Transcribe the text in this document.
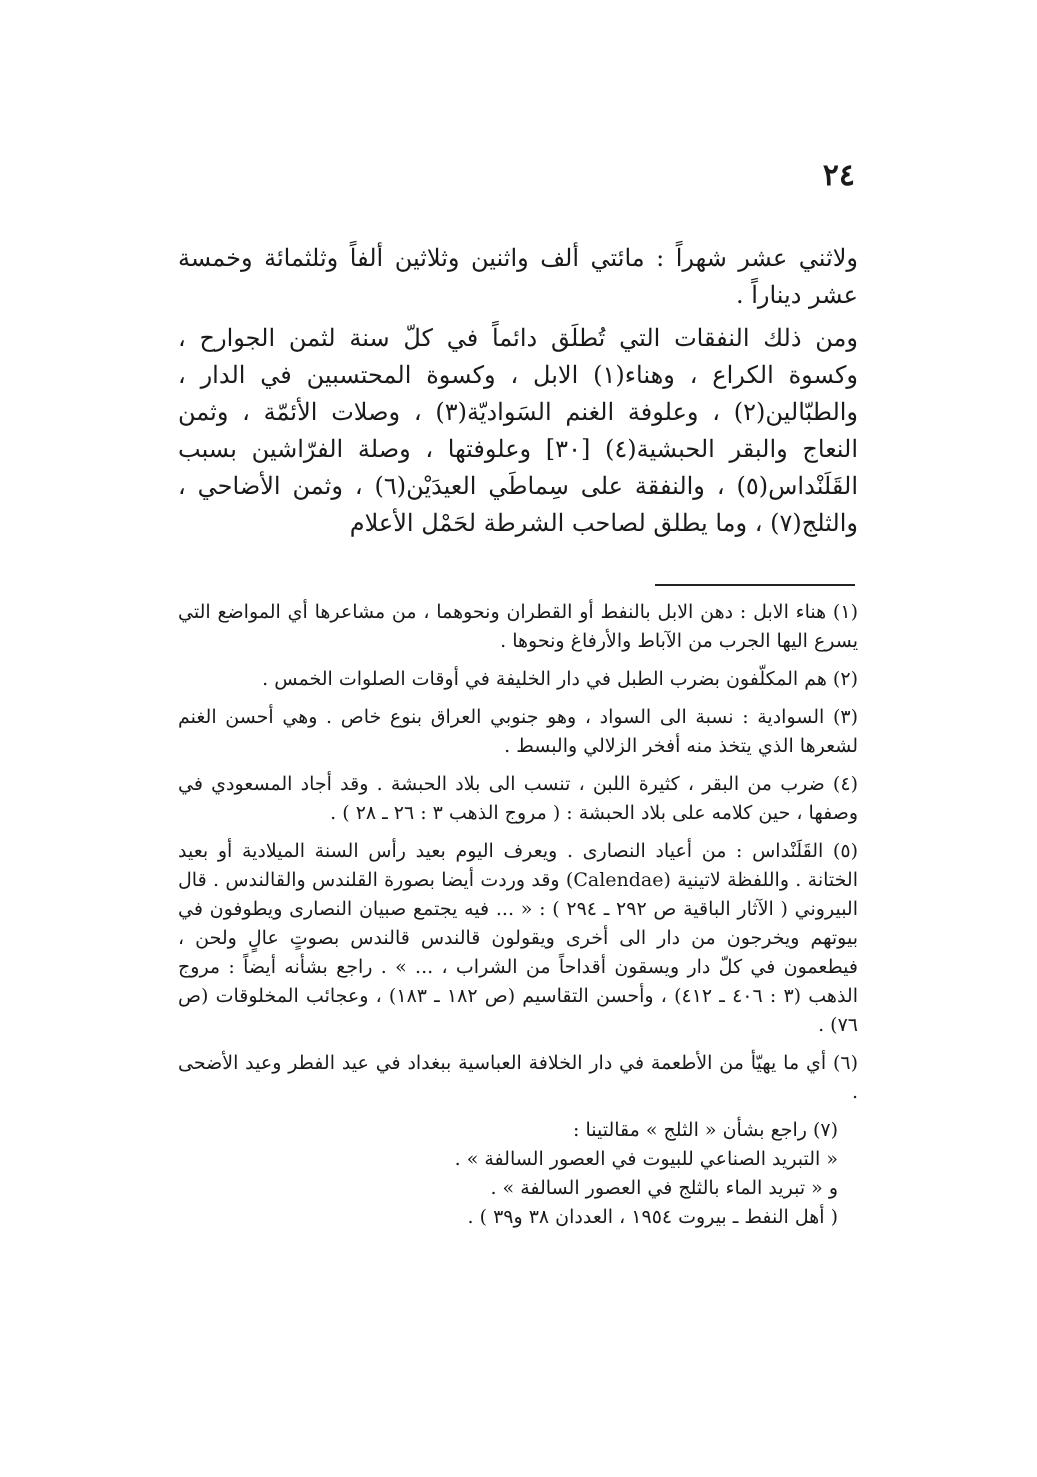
٢٤

ولاثني عشر شهراً : مائتي ألف واثنين وثلاثين ألفاً وثلثمائة وخمسة عشر ديناراً .

ومن ذلك النفقات التي تُطلَق دائماً في كلّ سنة لثمن الجوارح ، وكسوة الكراع ، وهناء(١) الابل ، وكسوة المحتسبين في الدار ، والطبّالين(٢) ، وعلوفة الغنم السَواديّة(٣) ، وصلات الأئمّة ، وثمن النعاج والبقر الحبشية(٤) [٣٠] وعلوفتها ، وصلة الفرّاشين بسبب القَلَنْداس(٥) ، والنفقة على سِماطَي العيدَيْن(٦) ، وثمن الأضاحي ، والثلج(٧) ، وما يطلق لصاحب الشرطة لحَمْل الأعلام

(١) هناء الابل : دهن الابل بالنفط أو القطران ونحوهما ، من مشاعرها أي المواضع التي يسرع اليها الجرب من الآباط والأرفاغ ونحوها .

(٢) هم المكلّفون بضرب الطبل في دار الخليفة في أوقات الصلوات الخمس .

(٣) السوادية : نسبة الى السواد ، وهو جنوبي العراق بنوع خاص . وهي أحسن الغنم لشعرها الذي يتخذ منه أفخر الزلالي والبسط .

(٤) ضرب من البقر ، كثيرة اللبن ، تنسب الى بلاد الحبشة . وقد أجاد المسعودي في وصفها ، حين كلامه على بلاد الحبشة : ( مروج الذهب ٣ : ٢٦ ـ ٢٨ ) .

(٥) القَلَنْداس : من أعياد النصارى . ويعرف اليوم بعيد رأس السنة الميلادية أو بعيد الختانة . واللفظة لاتينية (Calendae) وقد وردت أيضا بصورة القلندس والقالندس . قال البيروني ( الآثار الباقية ص ٢٩٢ ـ ٢٩٤ ) : « ... فيه يجتمع صبيان النصارى ويطوفون في بيوتهم ويخرجون من دار الى أخرى ويقولون قالندس قالندس بصوتٍ عالٍ ولحن ، فيطعمون في كلّ دار ويسقون أقداحاً من الشراب ، ... » . راجع بشأنه أيضاً : مروج الذهب (٣ : ٤٠٦ ـ ٤١٢) ، وأحسن التقاسيم (ص ١٨٢ ـ ١٨٣) ، وعجائب المخلوقات (ص ٧٦) .

(٦) أي ما يهيّأ من الأطعمة في دار الخلافة العباسية ببغداد في عيد الفطر وعيد الأضحى .

(٧) راجع بشأن « الثلج » مقالتينا :
« التبريد الصناعي للبيوت في العصور السالفة » .
و « تبريد الماء بالثلج في العصور السالفة » .
( أهل النفط ـ بيروت ١٩٥٤ ، العددان ٣٨ و٣٩ ) .
